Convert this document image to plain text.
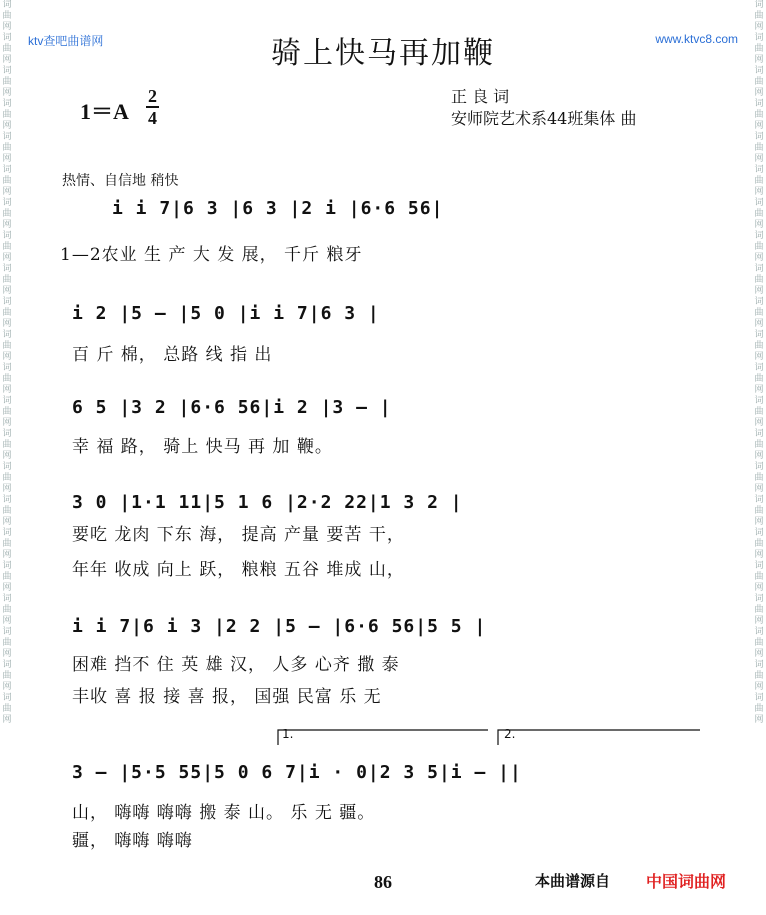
ktv查吧曲谱网	www.ktvc8.com
词
曲
网
词
曲
网
词
曲
网
词
曲
网
词
曲
网
词
曲
网
词
曲
网
词
曲
网
词
曲
网
词
曲
网
词
曲
网
词
曲
网
词
曲
网
词
曲
网
词
曲
网
词
曲
网
词
曲
网
词
曲
网
词
曲
网
词
曲
网
词
曲
网
词
曲
网
词
曲
网
词
曲
网
词
曲
网
词
曲
网
词
曲
网
词
曲
网
词
曲
网
词
曲
网
词
曲
网
词
曲
网
词
曲
网
词
曲
网
词
曲
网
词
曲
网
词
曲
网
词
曲
网
词
曲
网
词
曲
网
词
曲
网
词
曲
网
词
曲
网
词
曲
网
骑上快马再加鞭
$1=A \frac{2}{4}$	正 良 词
安师院艺术系44班集体 曲
热情、自信地 稍快
i i 7|6 3 |6 3 |2 i |6·6 56|
1—2农业 生 产 大 发 展， 千斤 粮牙
i 2 |5 — |5 0 |i i 7|6 3 |
百 斤 棉， 总路 线 指 出
6 5 |3 2 |6·6 56|i 2 |3 — |
幸 福 路， 骑上 快马 再 加 鞭。
3 0 |1·1 11|5 1 6 |2·2 22|1 3 2 |
要吃 龙肉 下东 海， 提高 产量 要苦 干，
年年 收成 向上 跃， 粮粮 五谷 堆成 山，
i i 7|6 i 3 |2 2 |5 — |6·6 56|5 5 |
困难 挡不 住 英 雄 汉， 人多 心齐 撒 泰
丰收 喜 报 接 喜 报， 国强 民富 乐 无
3 — |5·5 55|5 0 6 7|i · 0|2 3 5|i — ||
山， 嗨嗨 嗨嗨 搬 泰 山。 乐 无 疆。
疆， 嗨嗨 嗨嗨
1.	2.
86	本曲谱源自 中国词曲网
